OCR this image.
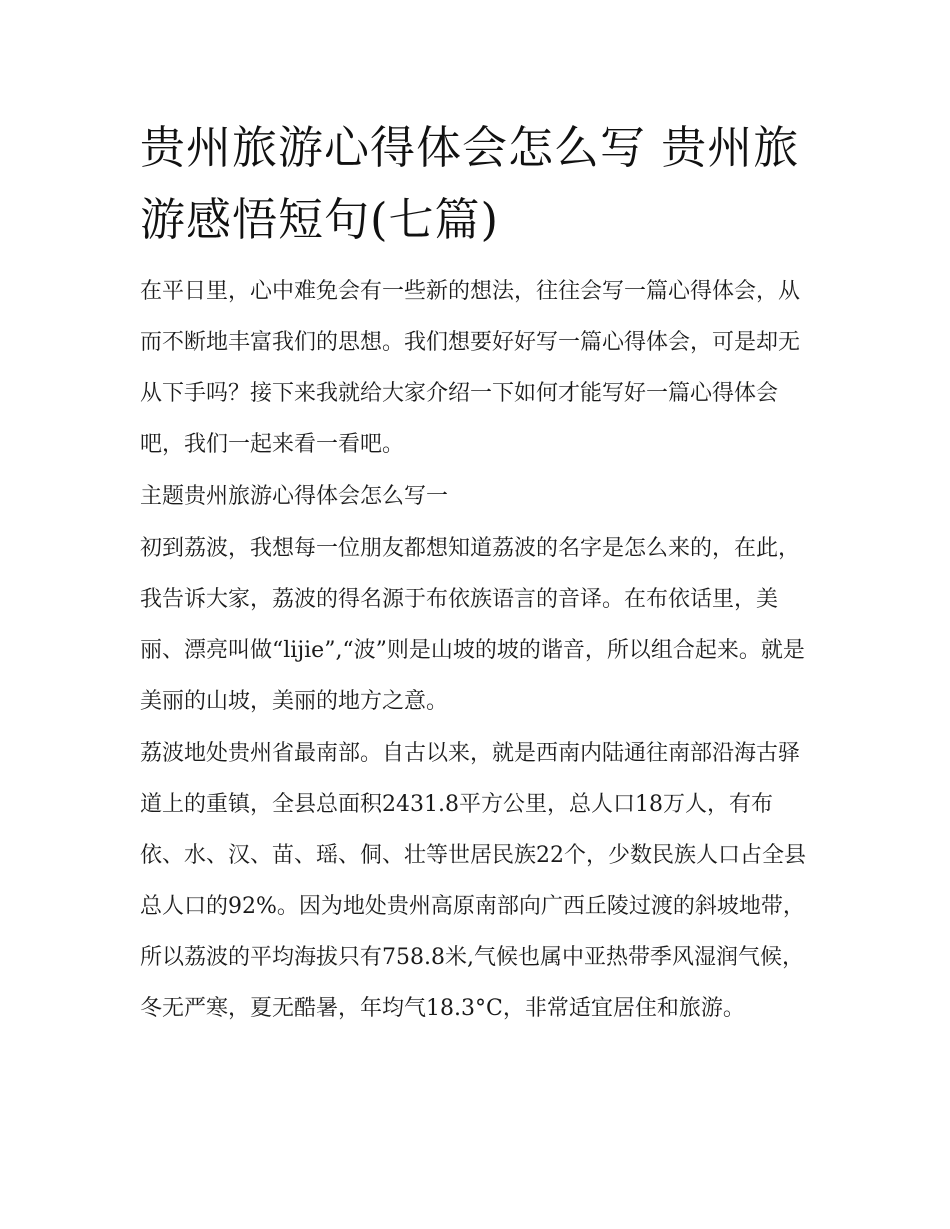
贵州旅游心得体会怎么写 贵州旅游感悟短句(七篇)

在平日里，心中难免会有一些新的想法，往往会写一篇心得体会，从而不断地丰富我们的思想。我们想要好好写一篇心得体会，可是却无从下手吗？接下来我就给大家介绍一下如何才能写好一篇心得体会吧，我们一起来看一看吧。

主题贵州旅游心得体会怎么写一

初到荔波，我想每一位朋友都想知道荔波的名字是怎么来的，在此，我告诉大家，荔波的得名源于布依族语言的音译。在布依话里，美丽、漂亮叫做“lijie”,“波”则是山坡的坡的谐音，所以组合起来。就是美丽的山坡，美丽的地方之意。

荔波地处贵州省最南部。自古以来，就是西南内陆通往南部沿海古驿道上的重镇，全县总面积2431.8平方公里，总人口18万人，有布依、水、汉、苗、瑶、侗、壮等世居民族22个，少数民族人口占全县总人口的92%。因为地处贵州高原南部向广西丘陵过渡的斜坡地带，所以荔波的平均海拔只有758.8米,气候也属中亚热带季风湿润气候，冬无严寒，夏无酷暑，年均气18.3°C，非常适宜居住和旅游。
